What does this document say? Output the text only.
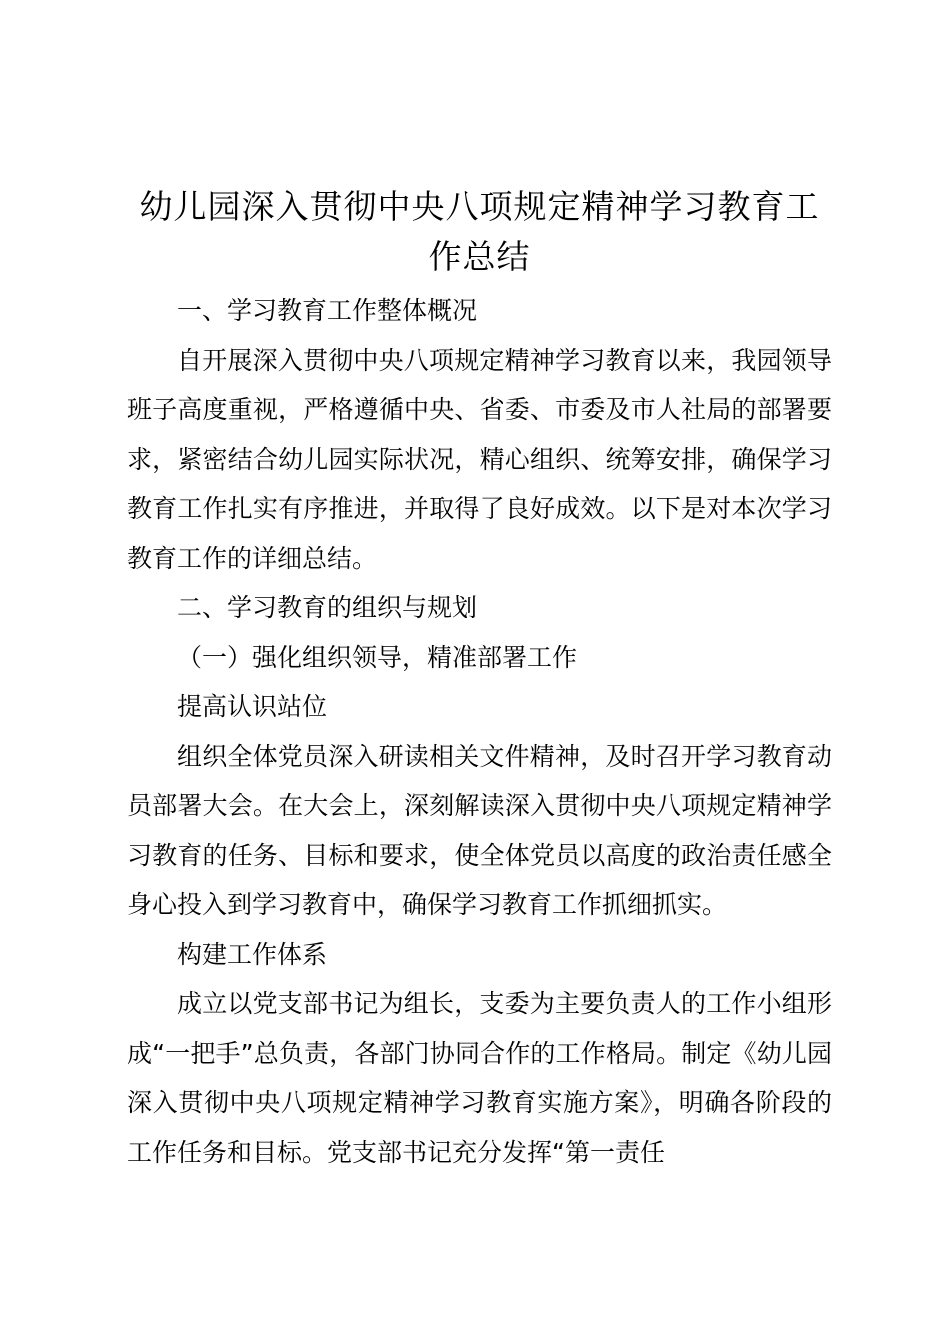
幼儿园深入贯彻中央八项规定精神学习教育工作总结

一、学习教育工作整体概况

自开展深入贯彻中央八项规定精神学习教育以来，我园领导班子高度重视，严格遵循中央、省委、市委及市人社局的部署要求，紧密结合幼儿园实际状况，精心组织、统筹安排，确保学习教育工作扎实有序推进，并取得了良好成效。以下是对本次学习教育工作的详细总结。

二、学习教育的组织与规划

（一）强化组织领导，精准部署工作

提高认识站位

组织全体党员深入研读相关文件精神，及时召开学习教育动员部署大会。在大会上，深刻解读深入贯彻中央八项规定精神学习教育的任务、目标和要求，使全体党员以高度的政治责任感全身心投入到学习教育中，确保学习教育工作抓细抓实。

构建工作体系

成立以党支部书记为组长，支委为主要负责人的工作小组形成“一把手”总负责，各部门协同合作的工作格局。制定《幼儿园深入贯彻中央八项规定精神学习教育实施方案》，明确各阶段的工作任务和目标。党支部书记充分发挥“第一责任
